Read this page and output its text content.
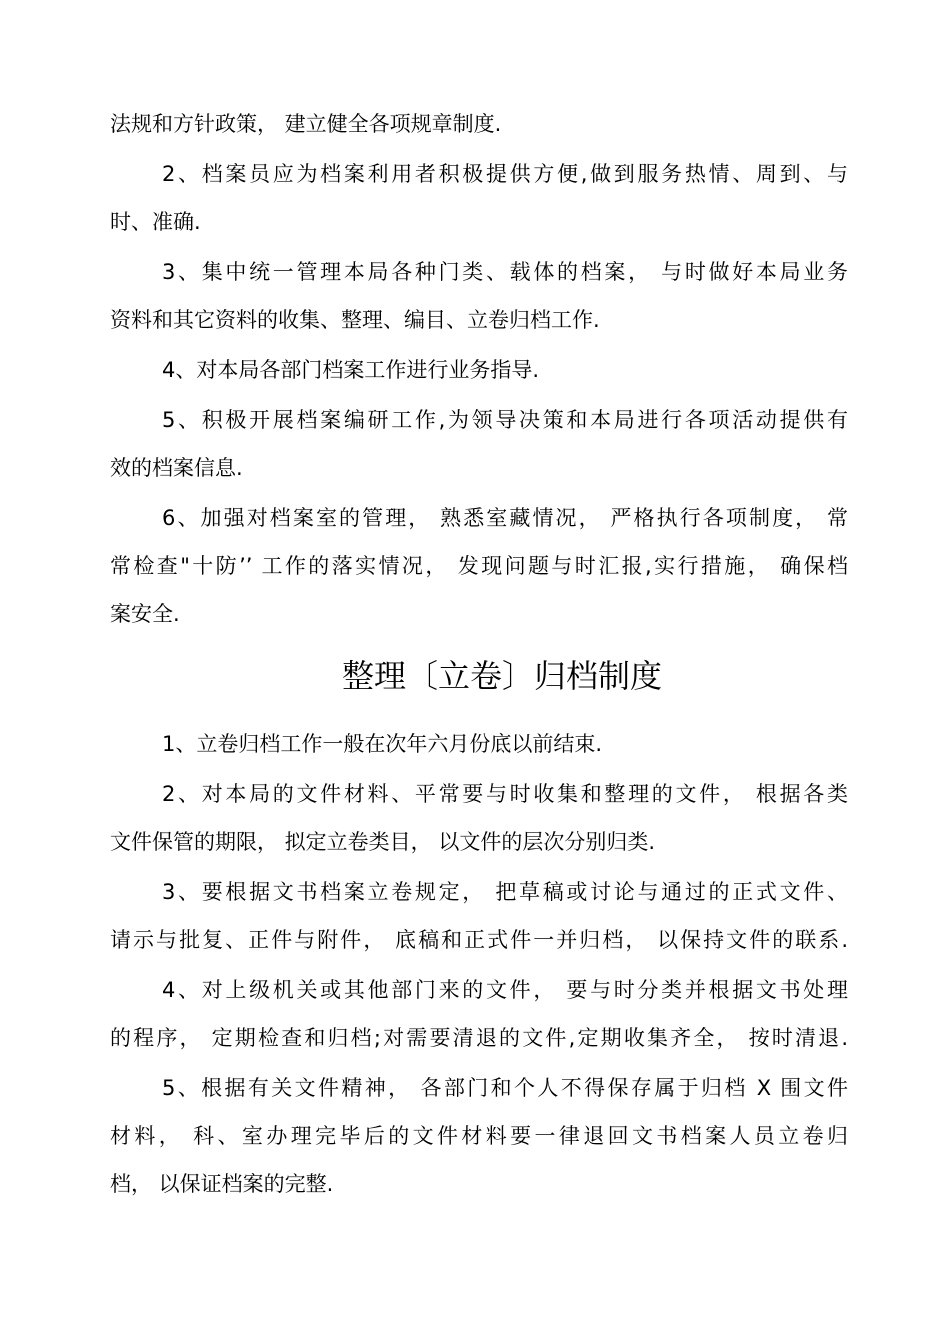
法规和方针政策， 建立健全各项规章制度.
2、档案员应为档案利用者积极提供方便,做到服务热情、周到、与
时、准确.
3、集中统一管理本局各种门类、载体的档案， 与时做好本局业务
资料和其它资料的收集、整理、编目、立卷归档工作.
4、对本局各部门档案工作进行业务指导.
5、积极开展档案编研工作,为领导决策和本局进行各项活动提供有
效的档案信息.
6、加强对档案室的管理， 熟悉室藏情况， 严格执行各项制度， 常
常检查"十防’’ 工作的落实情况， 发现问题与时汇报,实行措施， 确保档
案安全.
整理〔立卷〕归档制度
1、立卷归档工作一般在次年六月份底以前结束.
2、对本局的文件材料、平常要与时收集和整理的文件， 根据各类
文件保管的期限， 拟定立卷类目， 以文件的层次分别归类.
3、要根据文书档案立卷规定， 把草稿或讨论与通过的正式文件、
请示与批复、正件与附件， 底稿和正式件一并归档， 以保持文件的联系.
4、对上级机关或其他部门来的文件， 要与时分类并根据文书处理
的程序， 定期检查和归档;对需要清退的文件,定期收集齐全， 按时清退.
5、根据有关文件精神， 各部门和个人不得保存属于归档 X 围文件
材料， 科、室办理完毕后的文件材料要一律退回文书档案人员立卷归
档， 以保证档案的完整.
